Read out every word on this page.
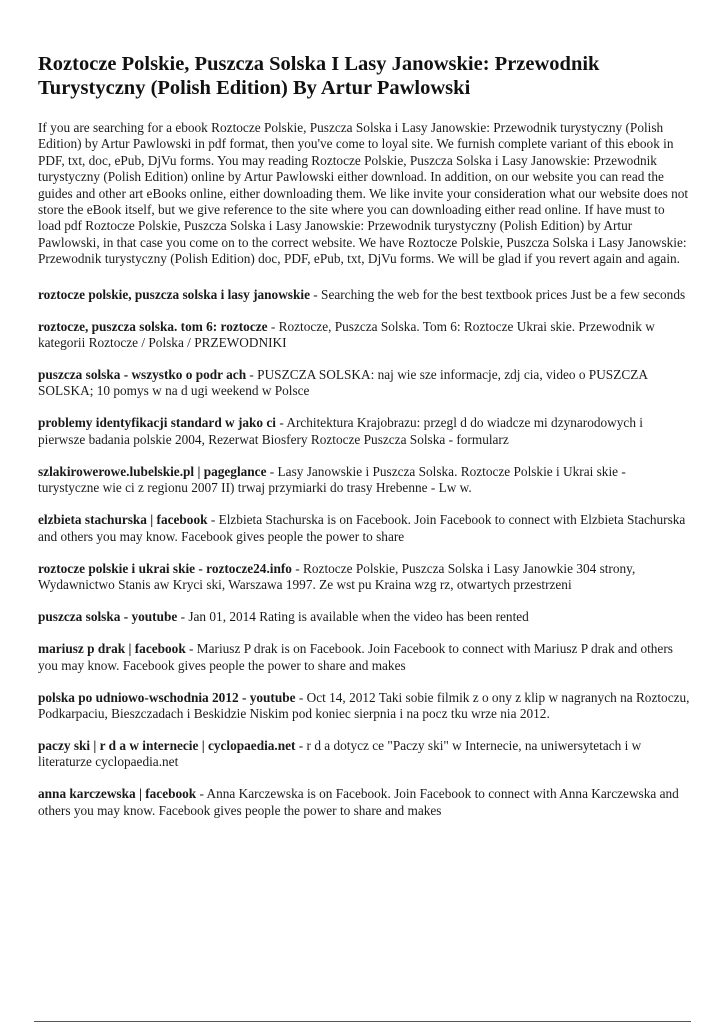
Roztocze Polskie, Puszcza Solska I Lasy Janowskie: Przewodnik Turystyczny (Polish Edition) By Artur Pawlowski

If you are searching for a ebook Roztocze Polskie, Puszcza Solska i Lasy Janowskie: Przewodnik turystyczny (Polish Edition) by Artur Pawlowski in pdf format, then you've come to loyal site. We furnish complete variant of this ebook in PDF, txt, doc, ePub, DjVu forms. You may reading Roztocze Polskie, Puszcza Solska i Lasy Janowskie: Przewodnik turystyczny (Polish Edition) online by Artur Pawlowski either download. In addition, on our website you can read the guides and other art eBooks online, either downloading them. We like invite your consideration what our website does not store the eBook itself, but we give reference to the site where you can downloading either read online. If have must to load pdf Roztocze Polskie, Puszcza Solska i Lasy Janowskie: Przewodnik turystyczny (Polish Edition) by Artur Pawlowski, in that case you come on to the correct website. We have Roztocze Polskie, Puszcza Solska i Lasy Janowskie: Przewodnik turystyczny (Polish Edition) doc, PDF, ePub, txt, DjVu forms. We will be glad if you revert again and again.

roztocze polskie, puszcza solska i lasy janowskie - Searching the web for the best textbook prices Just be a few seconds

roztocze, puszcza solska. tom 6: roztocze - Roztocze, Puszcza Solska. Tom 6: Roztocze Ukrai skie. Przewodnik w kategorii Roztocze / Polska / PRZEWODNIKI

puszcza solska - wszystko o podr ach - PUSZCZA SOLSKA: naj wie sze informacje, zdj cia, video o PUSZCZA SOLSKA; 10 pomys w na d ugi weekend w Polsce

problemy identyfikacji standard w jako ci - Architektura Krajobrazu: przegl d do wiadcze mi dzynarodowych i pierwsze badania polskie 2004, Rezerwat Biosfery Roztocze Puszcza Solska - formularz

szlakirowerowe.lubelskie.pl | pageglance - Lasy Janowskie i Puszcza Solska. Roztocze Polskie i Ukrai skie - turystyczne wie ci z regionu 2007 II) trwaj przymiarki do trasy Hrebenne - Lw w.

elzbieta stachurska | facebook - Elzbieta Stachurska is on Facebook. Join Facebook to connect with Elzbieta Stachurska and others you may know. Facebook gives people the power to share

roztocze polskie i ukrai skie - roztocze24.info - Roztocze Polskie, Puszcza Solska i Lasy Janowkie 304 strony, Wydawnictwo Stanis aw Kryci ski, Warszawa 1997. Ze wst pu Kraina wzg rz, otwartych przestrzeni

puszcza solska - youtube - Jan 01, 2014 Rating is available when the video has been rented

mariusz p drak | facebook - Mariusz P drak is on Facebook. Join Facebook to connect with Mariusz P drak and others you may know. Facebook gives people the power to share and makes

polska po udniowo-wschodnia 2012 - youtube - Oct 14, 2012 Taki sobie filmik z o ony z klip w nagranych na Roztoczu, Podkarpaciu, Bieszczadach i Beskidzie Niskim pod koniec sierpnia i na pocz tku wrze nia 2012.

paczy ski | r d a w internecie | cyclopaedia.net - r d a dotycz ce "Paczy ski" w Internecie, na uniwersytetach i w literaturze cyclopaedia.net

anna karczewska | facebook - Anna Karczewska is on Facebook. Join Facebook to connect with Anna Karczewska and others you may know. Facebook gives people the power to share and makes
